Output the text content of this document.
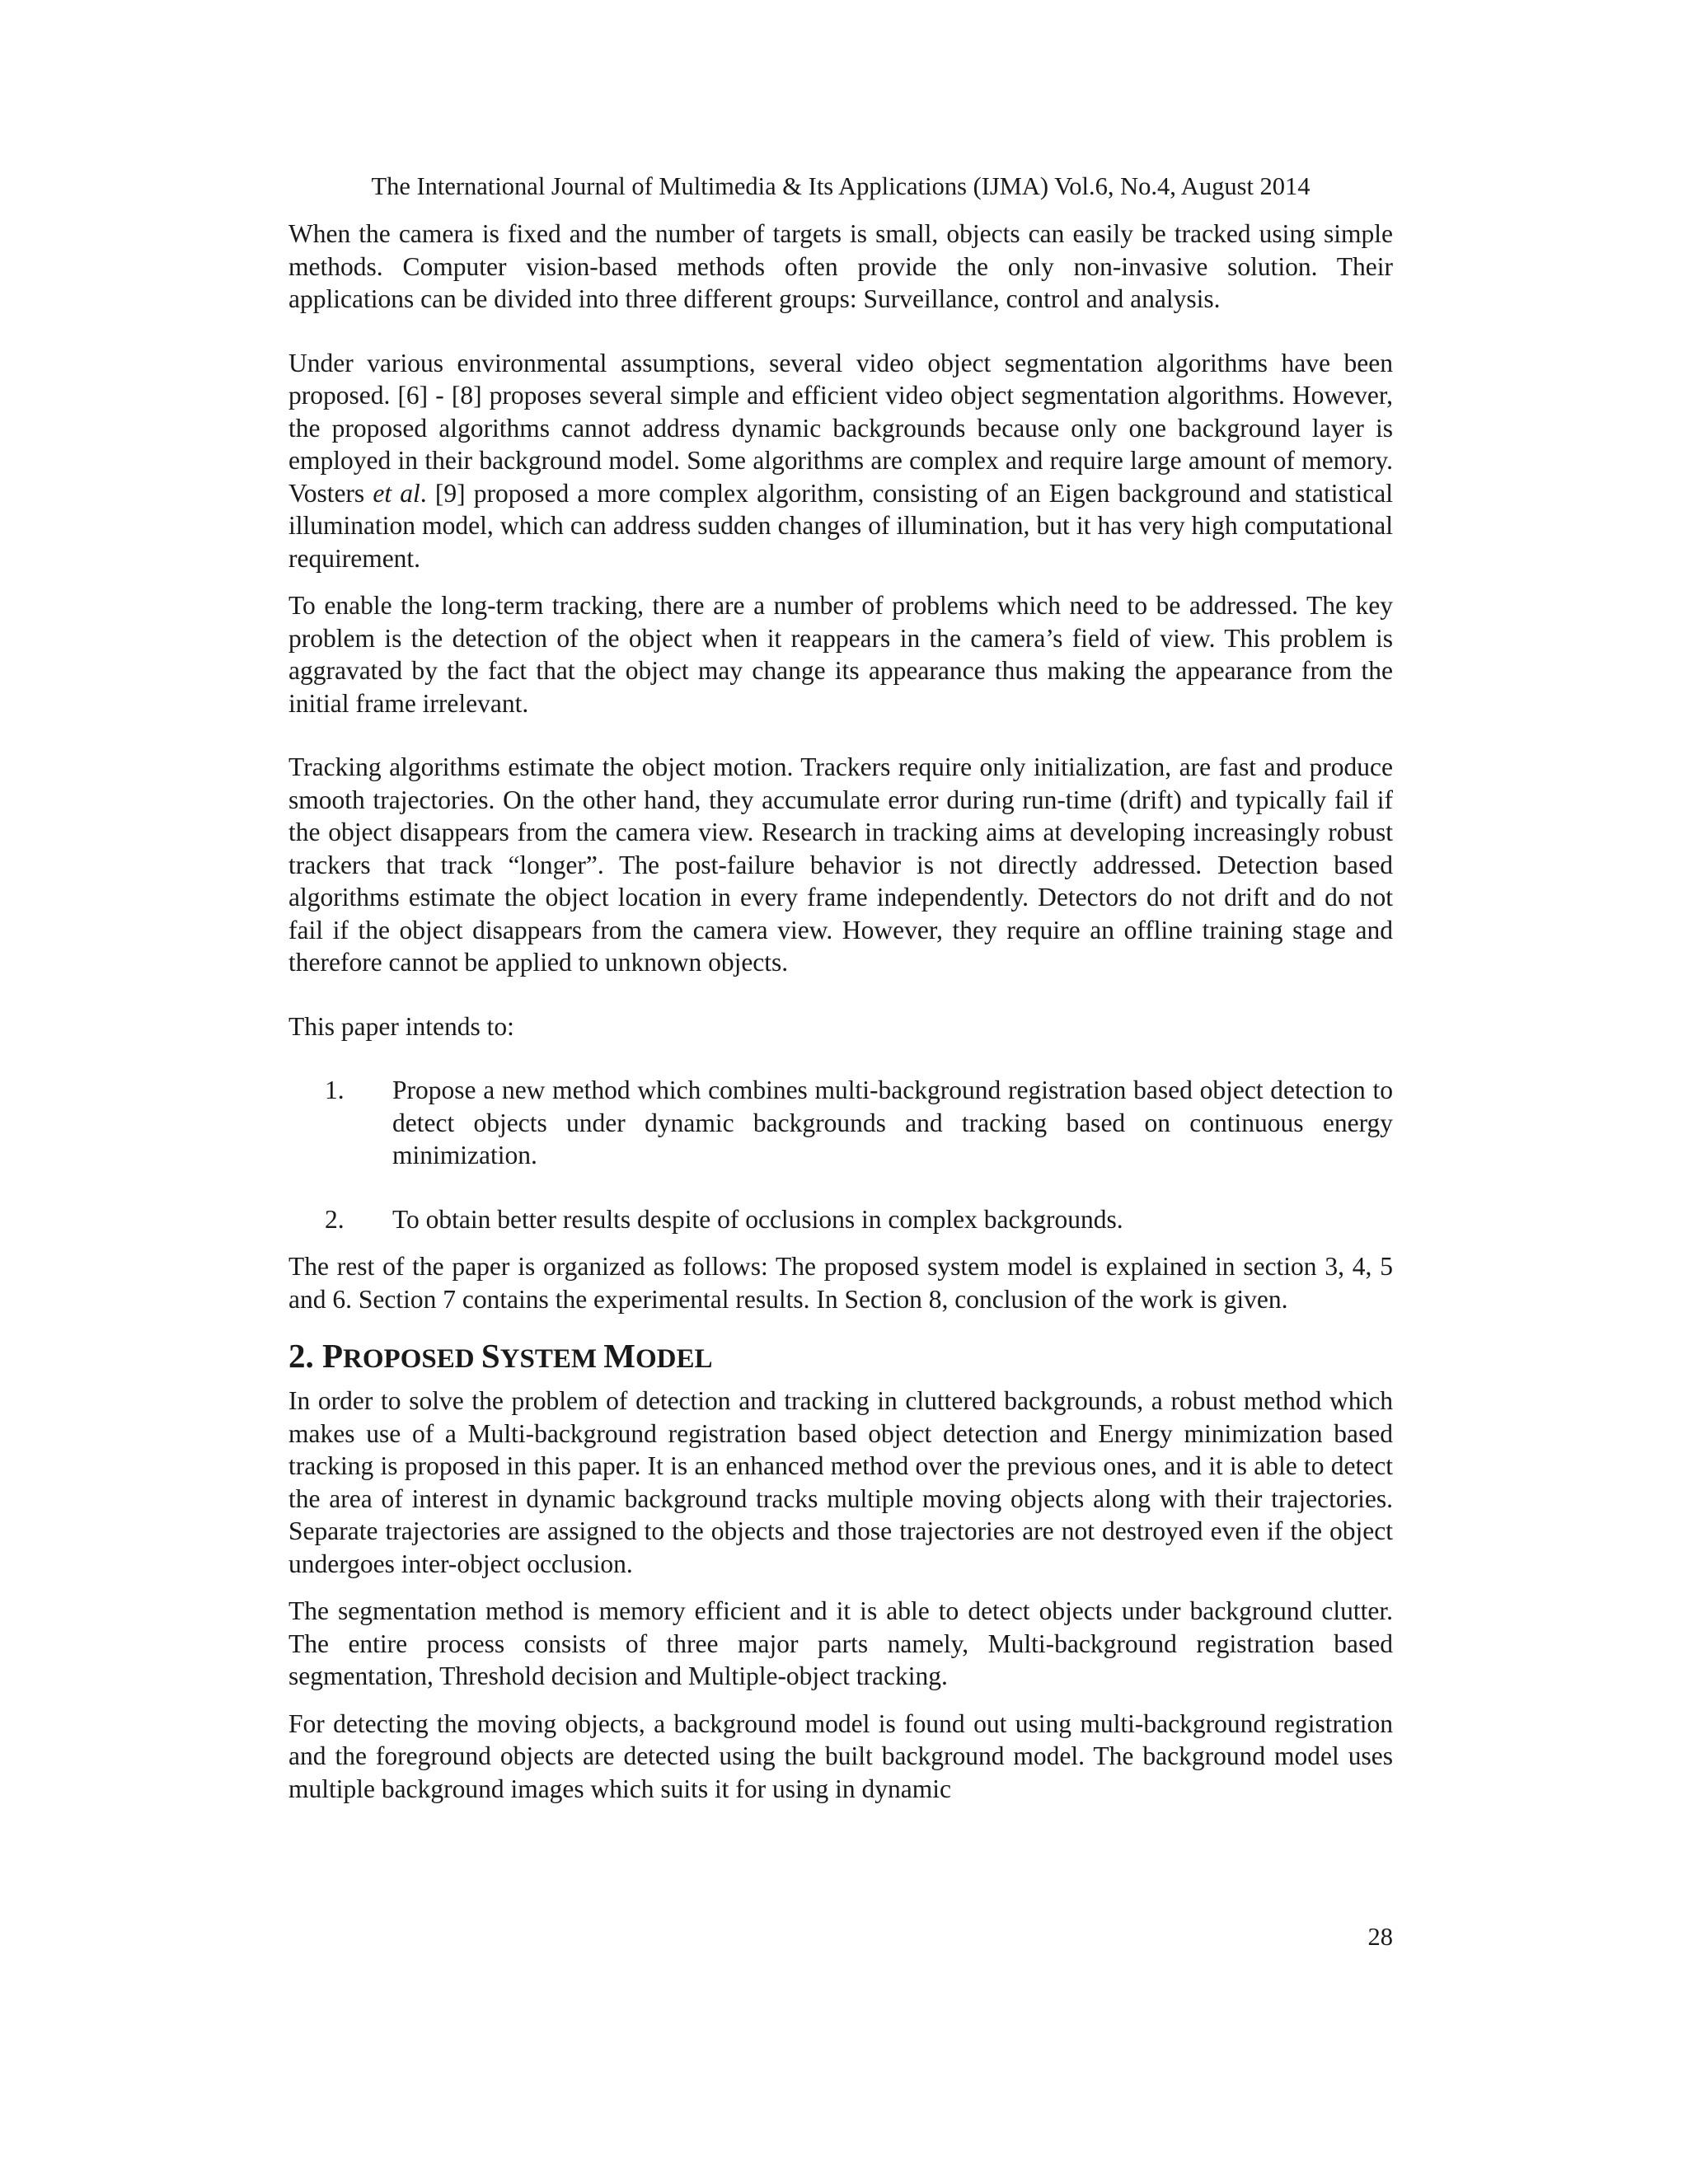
The International Journal of Multimedia & Its Applications (IJMA) Vol.6, No.4, August 2014

When the camera is fixed and the number of targets is small, objects can easily be tracked using simple methods. Computer vision-based methods often provide the only non-invasive solution. Their applications can be divided into three different groups: Surveillance, control and analysis.

Under various environmental assumptions, several video object segmentation algorithms have been proposed. [6] - [8] proposes several simple and efficient video object segmentation algorithms. However, the proposed algorithms cannot address dynamic backgrounds because only one background layer is employed in their background model. Some algorithms are complex and require large amount of memory. Vosters et al. [9] proposed a more complex algorithm, consisting of an Eigen background and statistical illumination model, which can address sudden changes of illumination, but it has very high computational requirement.

To enable the long-term tracking, there are a number of problems which need to be addressed. The key problem is the detection of the object when it reappears in the camera’s field of view. This problem is aggravated by the fact that the object may change its appearance thus making the appearance from the initial frame irrelevant.

Tracking algorithms estimate the object motion. Trackers require only initialization, are fast and produce smooth trajectories. On the other hand, they accumulate error during run-time (drift) and typically fail if the object disappears from the camera view. Research in tracking aims at developing increasingly robust trackers that track “longer”. The post-failure behavior is not directly addressed. Detection based algorithms estimate the object location in every frame independently. Detectors do not drift and do not fail if the object disappears from the camera view. However, they require an offline training stage and therefore cannot be applied to unknown objects.

This paper intends to:

1. Propose a new method which combines multi-background registration based object detection to detect objects under dynamic backgrounds and tracking based on continuous energy minimization.
2. To obtain better results despite of occlusions in complex backgrounds.

The rest of the paper is organized as follows: The proposed system model is explained in section 3, 4, 5 and 6. Section 7 contains the experimental results. In Section 8, conclusion of the work is given.

2. PROPOSED SYSTEM MODEL

In order to solve the problem of detection and tracking in cluttered backgrounds, a robust method which makes use of a Multi-background registration based object detection and Energy minimization based tracking is proposed in this paper. It is an enhanced method over the previous ones, and it is able to detect the area of interest in dynamic background tracks multiple moving objects along with their trajectories. Separate trajectories are assigned to the objects and those trajectories are not destroyed even if the object undergoes inter-object occlusion.

The segmentation method is memory efficient and it is able to detect objects under background clutter. The entire process consists of three major parts namely, Multi-background registration based segmentation, Threshold decision and Multiple-object tracking.

For detecting the moving objects, a background model is found out using multi-background registration and the foreground objects are detected using the built background model. The background model uses multiple background images which suits it for using in dynamic

28
